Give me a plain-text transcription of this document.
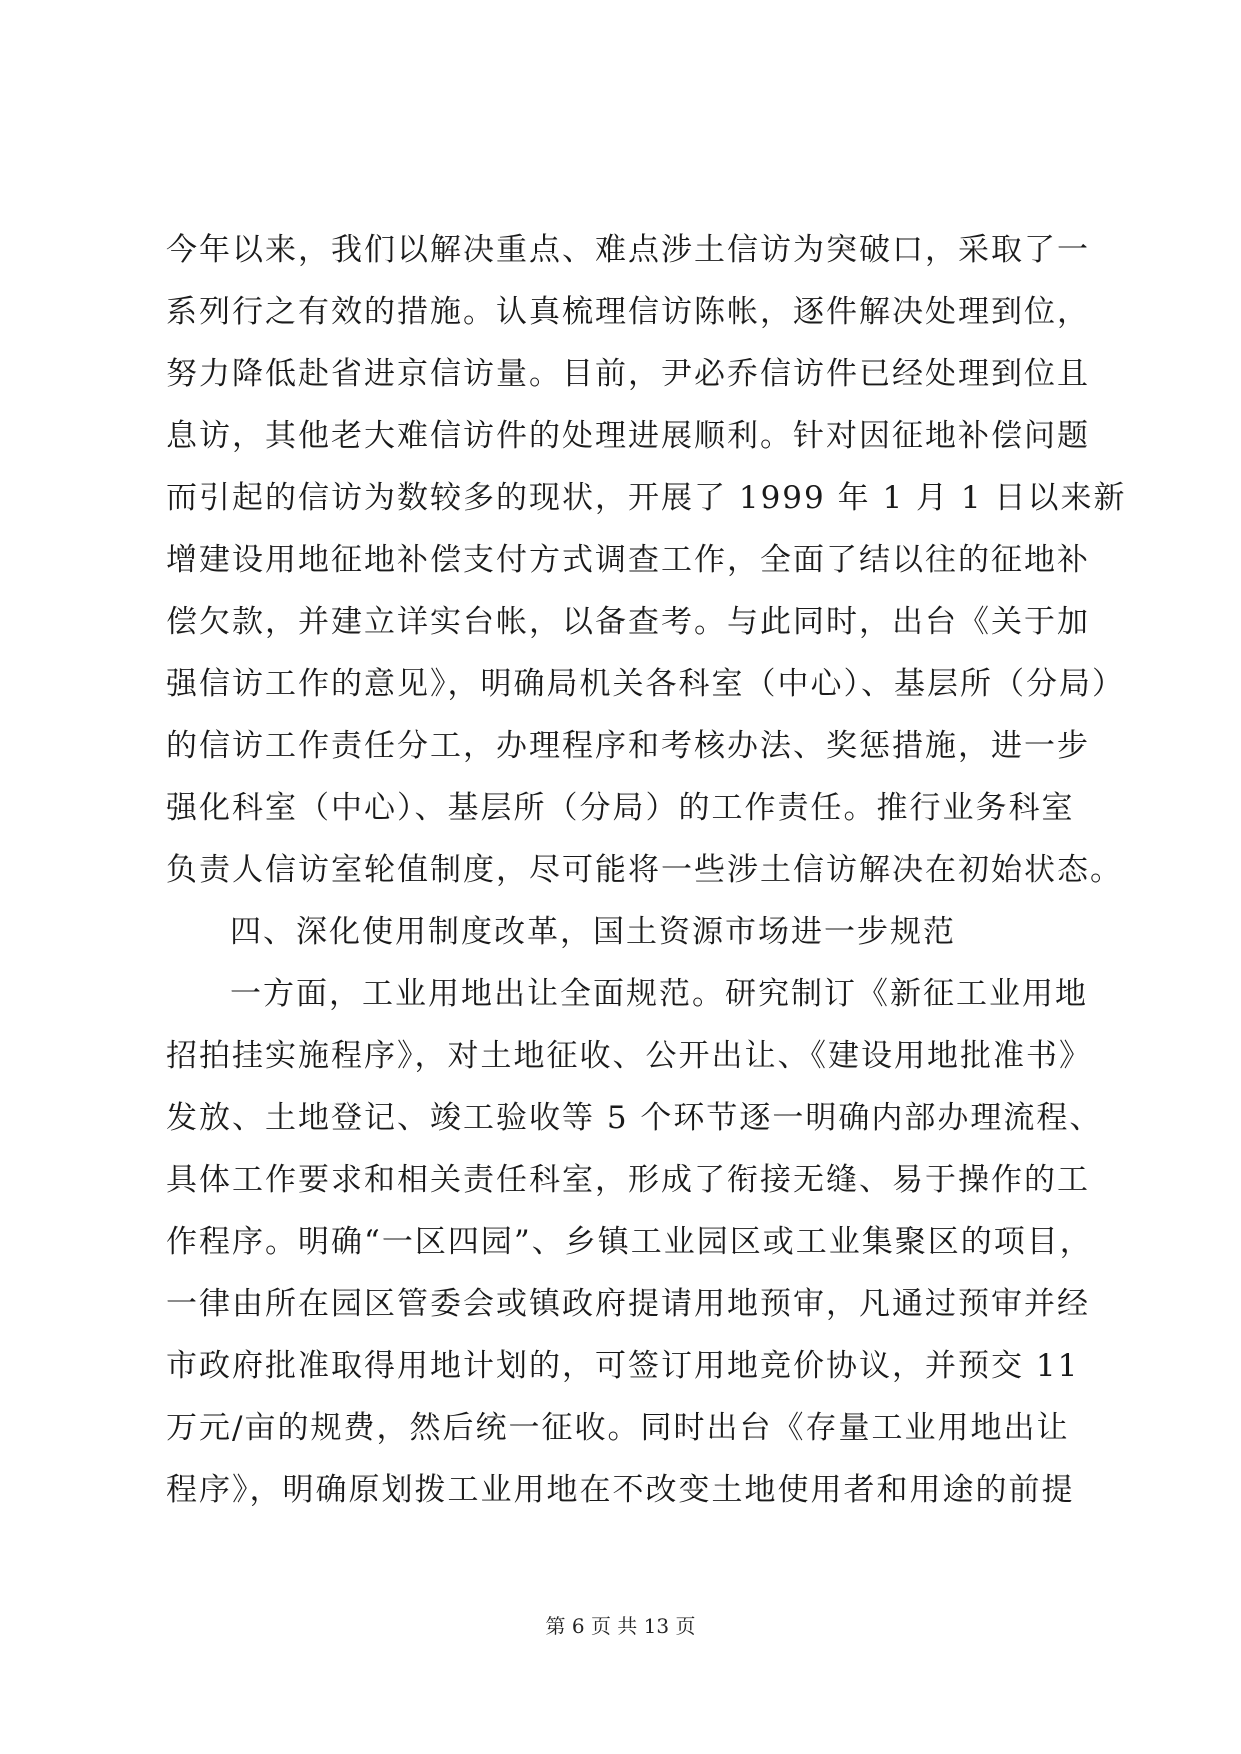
今年以来，我们以解决重点、难点涉土信访为突破口，采取了一
系列行之有效的措施。认真梳理信访陈帐，逐件解决处理到位，
努力降低赴省进京信访量。目前，尹必乔信访件已经处理到位且
息访，其他老大难信访件的处理进展顺利。针对因征地补偿问题
而引起的信访为数较多的现状，开展了 1999 年 1 月 1 日以来新
增建设用地征地补偿支付方式调查工作，全面了结以往的征地补
偿欠款，并建立详实台帐，以备查考。与此同时，出台《关于加
强信访工作的意见》，明确局机关各科室（中心）、基层所（分局）
的信访工作责任分工，办理程序和考核办法、奖惩措施，进一步
强化科室（中心）、基层所（分局）的工作责任。推行业务科室
负责人信访室轮值制度，尽可能将一些涉土信访解决在初始状态。
四、深化使用制度改革，国土资源市场进一步规范
一方面，工业用地出让全面规范。研究制订《新征工业用地
招拍挂实施程序》，对土地征收、公开出让、《建设用地批准书》
发放、土地登记、竣工验收等 5 个环节逐一明确内部办理流程、
具体工作要求和相关责任科室，形成了衔接无缝、易于操作的工
作程序。明确“一区四园”、乡镇工业园区或工业集聚区的项目，
一律由所在园区管委会或镇政府提请用地预审，凡通过预审并经
市政府批准取得用地计划的，可签订用地竞价协议，并预交 11
万元/亩的规费，然后统一征收。同时出台《存量工业用地出让
程序》，明确原划拨工业用地在不改变土地使用者和用途的前提
第 6 页 共 13 页
